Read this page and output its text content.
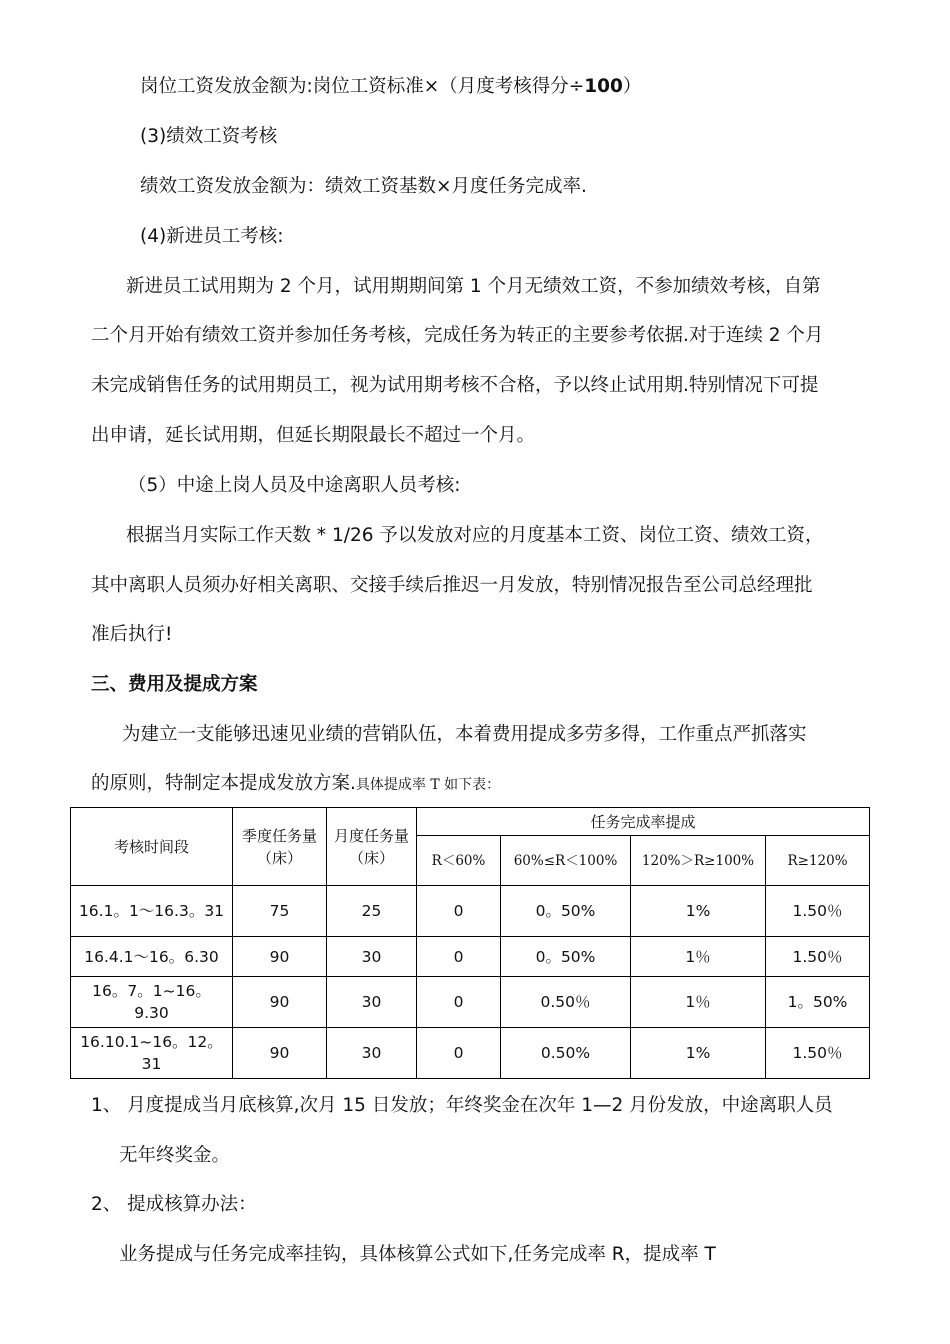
岗位工资发放金额为:岗位工资标准×（月度考核得分÷100）
(3)绩效工资考核
绩效工资发放金额为：绩效工资基数×月度任务完成率.
(4)新进员工考核:
新进员工试用期为 2 个月，试用期期间第 1 个月无绩效工资，不参加绩效考核，自第
二个月开始有绩效工资并参加任务考核，完成任务为转正的主要参考依据.对于连续 2 个月
未完成销售任务的试用期员工，视为试用期考核不合格，予以终止试用期.特别情况下可提
出申请，延长试用期，但延长期限最长不超过一个月。
（5）中途上岗人员及中途离职人员考核:
根据当月实际工作天数 * 1/26 予以发放对应的月度基本工资、岗位工资、绩效工资，
其中离职人员须办好相关离职、交接手续后推迟一月发放，特别情况报告至公司总经理批
准后执行!
三、费用及提成方案
为建立一支能够迅速见业绩的营销队伍，本着费用提成多劳多得，工作重点严抓落实
的原则，特制定本提成发放方案.具体提成率 T 如下表：
考核时间段	季度任务量（床）	月度任务量（床）	任务完成率提成			
			R＜60%	60%≤R＜100%	120%＞R≥100%	R≥120%
16.1。1～16.3。31	75	25	0	0。50%	1%	1.50％
16.4.1～16。6.30	90	30	0	0。50%	1％	1.50％
16。7。1~16。9.30	90	30	0	0.50％	1％	1。50%
16.10.1~16。12。31	90	30	0	0.50%	1%	1.50％
1、 月度提成当月底核算,次月 15 日发放；年终奖金在次年 1—2 月份发放，中途离职人员
无年终奖金。
2、 提成核算办法：
业务提成与任务完成率挂钩，具体核算公式如下,任务完成率 R，提成率 T
